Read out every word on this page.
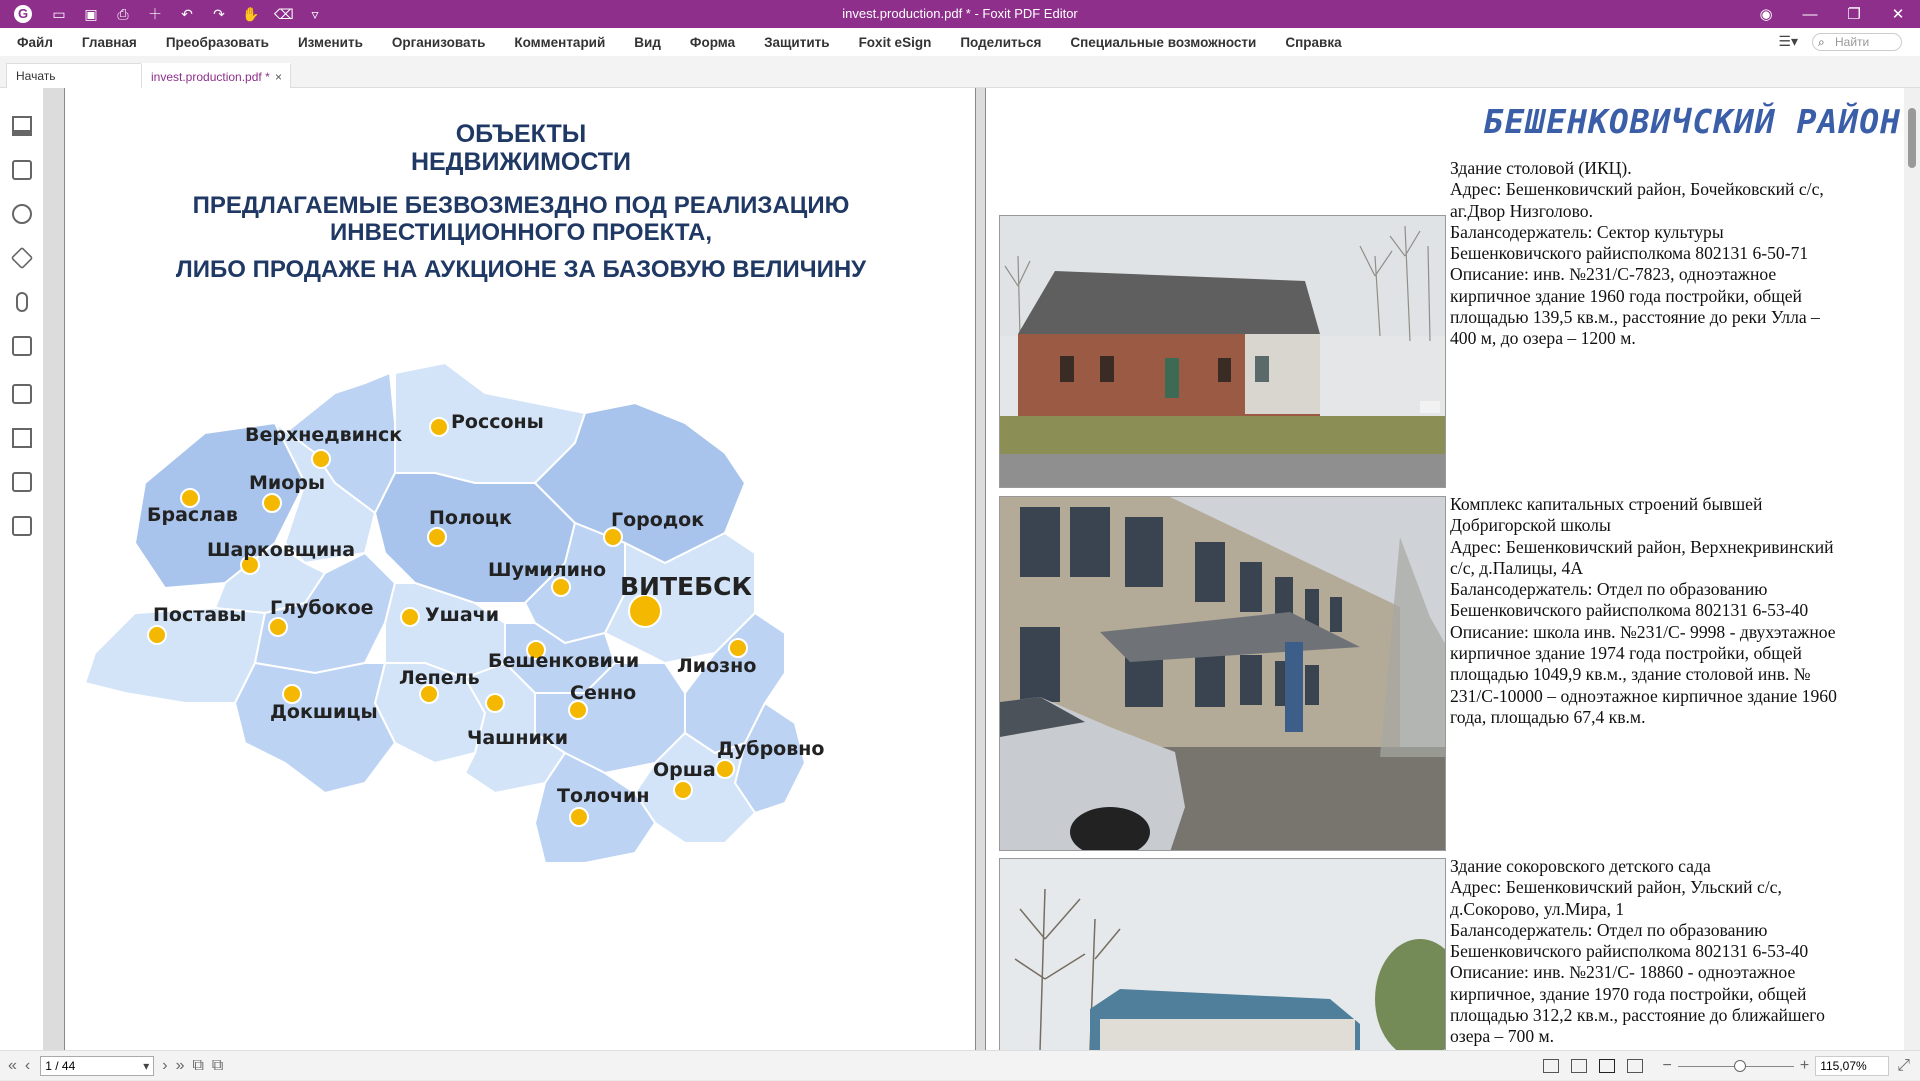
G ▭ ▣ ⎙ ＋ ↶ ↷ ✋ ⌫	▿	invest.production.pdf * - Foxit PDF Editor	◉	—	❐	✕
Файл Главная Преобразовать Изменить Организовать Комментарий Вид Форма Защитить Foxit eSign Поделиться Специальные возможности Справка	☰▾ ⌕ Найти
Начать	invest.production.pdf * ×
ОБЪЕКТЫ
НЕДВИЖИМОСТИ
ПРЕДЛАГАЕМЫЕ БЕЗВОЗМЕЗДНО ПОД РЕАЛИЗАЦИЮ
ИНВЕСТИЦИОННОГО ПРОЕКТА,
ЛИБО ПРОДАЖЕ НА АУКЦИОНЕ ЗА БАЗОВУЮ ВЕЛИЧИНУ
Верхнедвинск
Россоны
Миоры
Браслав	Полоцк	Городок
Шарковщина
Шумилино
ВИТЕБСК
Поставы Глубокое	Ушачи
Бешенковичи Лиозно
Лепель
Сенно
Докшицы
Чашники	Дубровно
Орша
Толочин
БЕШЕНКОВИЧСКИЙ РАЙОН
Здание столовой (ИКЦ).
Адрес: Бешенковичский район, Бочейковский с/с,
аг.Двор Низголово.
Балансодержатель: Сектор культуры
Бешенковичского райисполкома 802131 6-50-71
Описание: инв. №231/С-7823, одноэтажное
кирпичное здание 1960 года постройки, общей
площадью 139,5 кв.м., расстояние до реки Улла –
400 м, до озера – 1200 м.
Комплекс капитальных строений бывшей
Добригорской школы
Адрес: Бешенковичский район, Верхнекривинский
с/с, д.Палицы, 4А
Балансодержатель: Отдел по образованию
Бешенковичского райисполкома 802131 6-53-40
Описание: школа инв. №231/С- 9998 - двухэтажное
кирпичное здание 1974 года постройки, общей
площадью 1049,9 кв.м., здание столовой инв. №
231/С-10000 – одноэтажное кирпичное здание 1960
года, площадью 67,4 кв.м.
Здание сокоровского детского сада
Адрес: Бешенковичский район, Ульский с/с,
д.Сокорово, ул.Мира, 1
Балансодержатель: Отдел по образованию
Бешенковичского райисполкома 802131 6-53-40
Описание: инв. №231/С- 18860 - одноэтажное
кирпичное, здание 1970 года постройки, общей
площадью 312,2 кв.м., расстояние до ближайшего
озера – 700 м.
« ‹	1 / 44 ▾	› » ⧉ ⧉	−	+ 115,07%	⤢
